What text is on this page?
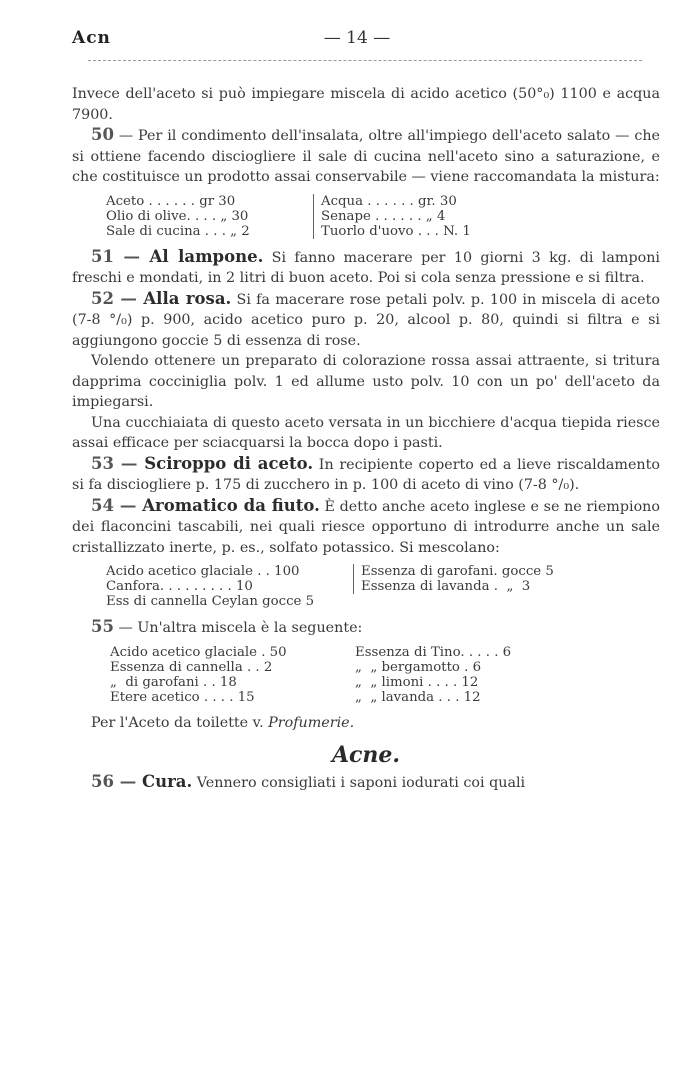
Acn	— 14 —

Invece dell'aceto si può impiegare miscela di acido acetico (50°₀) 1100 e acqua 7900.

50 — Per il condimento dell'insalata, oltre all'impiego dell'aceto salato — che si ottiene facendo disciogliere il sale di cucina nell'aceto sino a saturazione, e che costituisce un prodotto assai conservabile — viene raccomandata la mistura:

Aceto . . . . . . gr 30	Acqua . . . . . . gr. 30
Olio di olive. . . . „ 30	Senape . . . . . . „ 4
Sale di cucina . . . „ 2	Tuorlo d'uovo . . . N. 1

51 — Al lampone. Si fanno macerare per 10 giorni 3 kg. di lamponi freschi e mondati, in 2 litri di buon aceto. Poi si cola senza pressione e si filtra.

52 — Alla rosa. Si fa macerare rose petali polv. p. 100 in miscela di aceto (7-8 °/₀) p. 900, acido acetico puro p. 20, alcool p. 80, quindi si filtra e si aggiungono goccie 5 di essenza di rose.

Volendo ottenere un preparato di colorazione rossa assai attraente, si tritura dapprima cocciniglia polv. 1 ed allume usto polv. 10 con un po' dell'aceto da impiegarsi.

Una cucchiaiata di questo aceto versata in un bicchiere d'acqua tiepida riesce assai efficace per sciacquarsi la bocca dopo i pasti.

53 — Sciroppo di aceto. In recipiente coperto ed a lieve riscaldamento si fa disciogliere p. 175 di zucchero in p. 100 di aceto di vino (7-8 °/₀).

54 — Aromatico da fiuto. È detto anche aceto inglese e se ne riempiono dei flaconcini tascabili, nei quali riesce opportuno di introdurre anche un sale cristallizzato inerte, p. es., solfato potassico. Si mescolano:

Acido acetico glaciale . . 100	Essenza di garofani. gocce 5
Canfora. . . . . . . . . 10	Essenza di lavanda .  „  3
Ess di cannella Ceylan gocce 5

55 — Un'altra miscela è la seguente:

Acido acetico glaciale . 50	Essenza di Tino. . . . . 6
Essenza di cannella . . 2	„  „ bergamotto . 6
„  di garofani . . 18	„  „ limoni . . . . 12
Etere acetico . . . . 15	„  „ lavanda . . . 12

Per l'Aceto da toilette v. Profumerie.

Acne.

56 — Cura. Vennero consigliati i saponi iodurati coi quali
